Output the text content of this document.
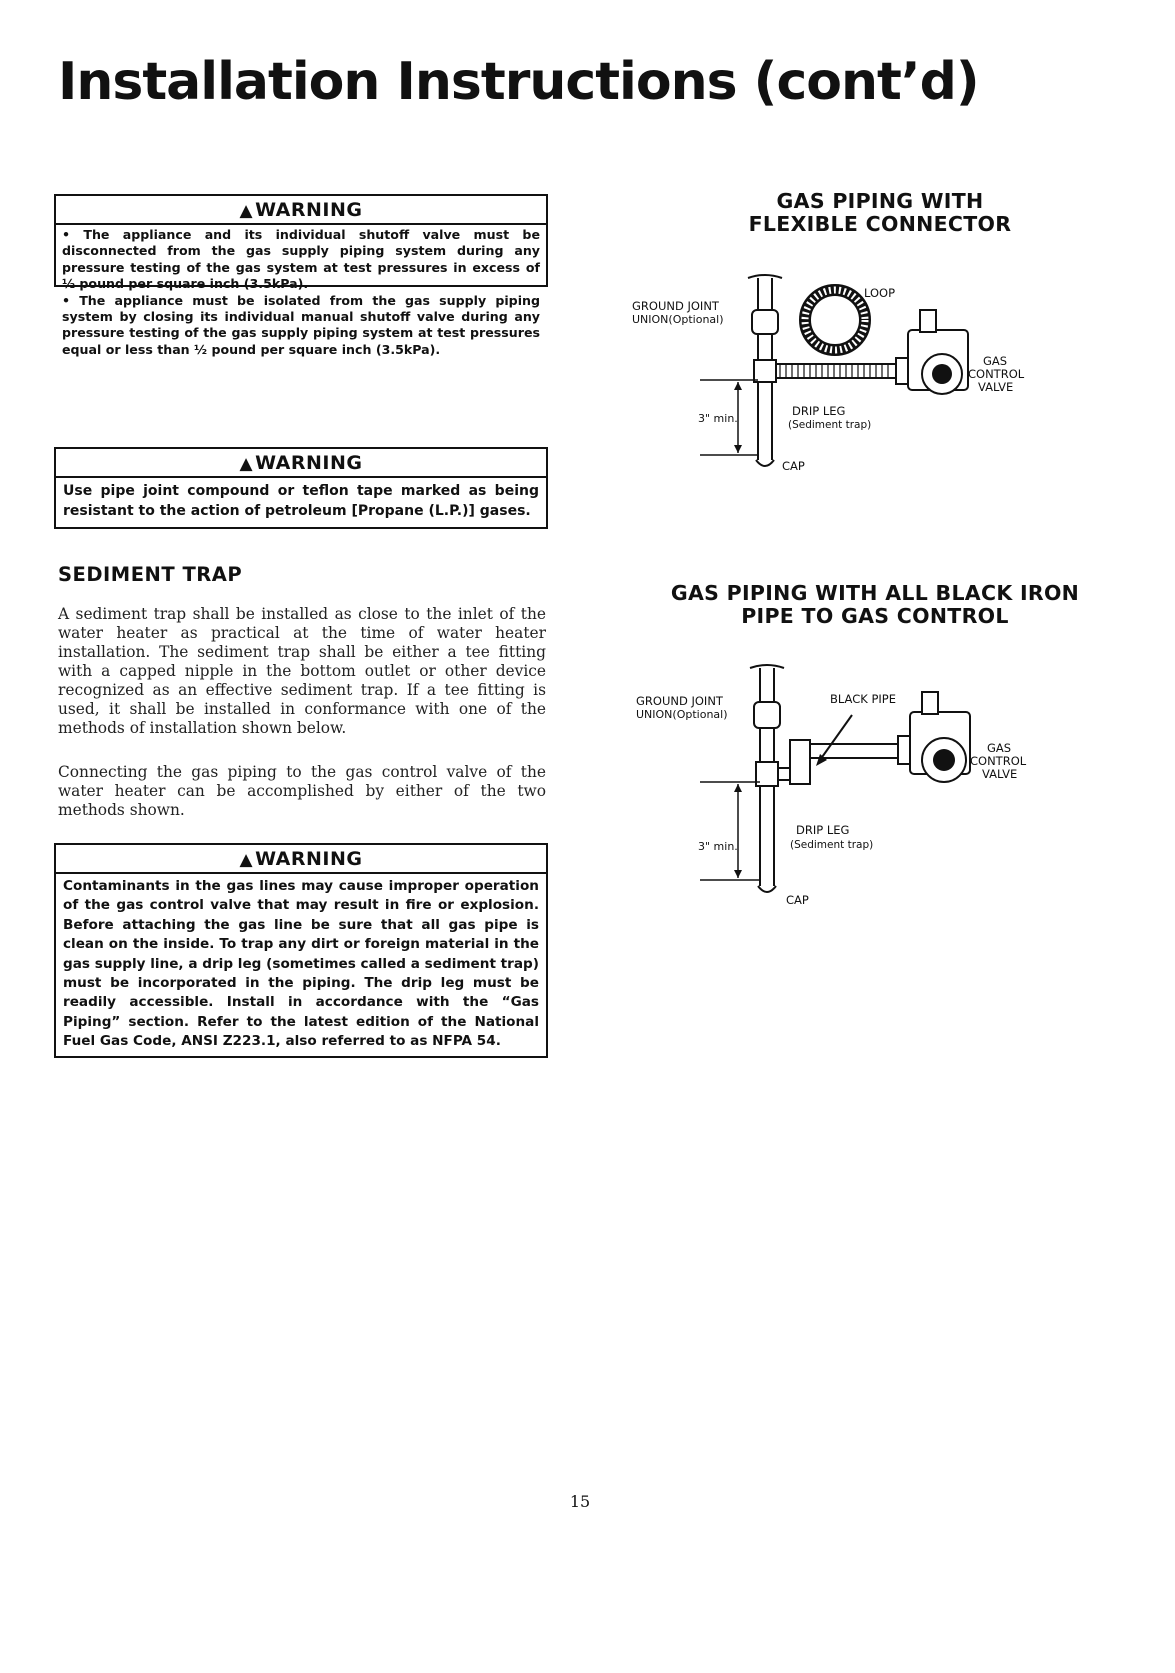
Installation Instructions (cont’d)
▲ WARNING

• The appliance and its individual shutoff valve must be disconnected from the gas supply piping system during any pressure testing of the gas system at test pressures in excess of ½ pound per square inch (3.5kPa).

• The appliance must be isolated from the gas supply piping system by closing its individual manual shutoff valve during any pressure testing of the gas supply piping system at test pressures equal or less than ½ pound per square inch (3.5kPa).

▲ WARNING

Use pipe joint compound or teflon tape marked as being resistant to the action of petroleum [Propane (L.P.)] gases.

SEDIMENT TRAP

A sediment trap shall be installed as close to the inlet of the water heater as practical at the time of water heater installation. The sediment trap shall be either a tee fitting with a capped nipple in the bottom outlet or other device recognized as an effective sediment trap. If a tee fitting is used, it shall be installed in conformance with one of the methods of installation shown below.

Connecting the gas piping to the gas control valve of the water heater can be accomplished by either of the two methods shown.

▲ WARNING

Contaminants in the gas lines may cause improper operation of the gas control valve that may result in fire or explosion. Before attaching the gas line be sure that all gas pipe is clean on the inside. To trap any dirt or foreign material in the gas supply line, a drip leg (sometimes called a sediment trap) must be incorporated in the piping. The drip leg must be readily accessible. Install in accordance with the “Gas Piping” section. Refer to the latest edition of the National Fuel Gas Code, ANSI Z223.1, also referred to as NFPA 54.

GAS PIPING WITH
FLEXIBLE CONNECTOR
GROUND JOINT
UNION(Optional)
LOOP
GAS
CONTROL
VALVE
DRIP LEG
(Sediment trap)
3" min.
CAP
GAS PIPING WITH ALL BLACK IRON
PIPE TO GAS CONTROL
GROUND JOINT
UNION(Optional)
BLACK PIPE
GAS
CONTROL
VALVE
DRIP LEG
(Sediment trap)
3" min.
CAP
15
